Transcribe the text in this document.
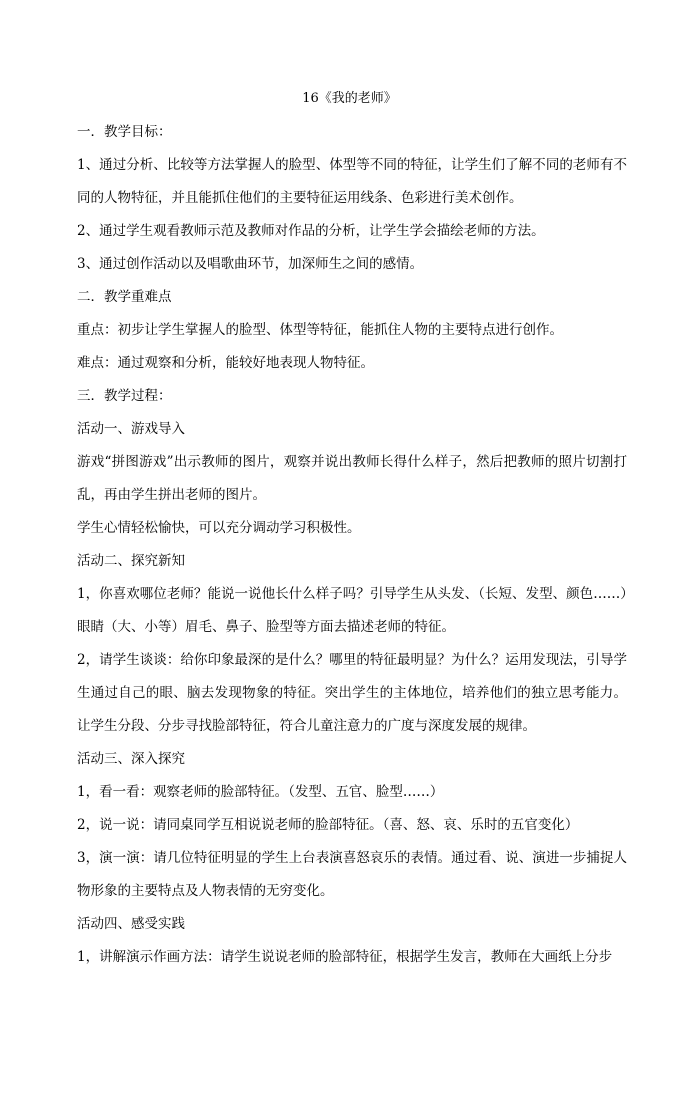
16《我的老师》
一．教学目标：
1、通过分析、比较等方法掌握人的脸型、体型等不同的特征，让学生们了解不同的老师有不同的人物特征，并且能抓住他们的主要特征运用线条、色彩进行美术创作。
2、通过学生观看教师示范及教师对作品的分析，让学生学会描绘老师的方法。
3、通过创作活动以及唱歌曲环节，加深师生之间的感情。
二．教学重难点
重点：初步让学生掌握人的脸型、体型等特征，能抓住人物的主要特点进行创作。
难点：通过观察和分析，能较好地表现人物特征。
三．教学过程：
活动一、游戏导入
游戏“拼图游戏”出示教师的图片，观察并说出教师长得什么样子，然后把教师的照片切割打乱，再由学生拼出老师的图片。
学生心情轻松愉快，可以充分调动学习积极性。
活动二、探究新知
1，你喜欢哪位老师？能说一说他长什么样子吗？引导学生从头发、（长短、发型、颜色……）眼睛（大、小等）眉毛、鼻子、脸型等方面去描述老师的特征。
2，请学生谈谈：给你印象最深的是什么？哪里的特征最明显？为什么？运用发现法，引导学生通过自己的眼、脑去发现物象的特征。突出学生的主体地位，培养他们的独立思考能力。让学生分段、分步寻找脸部特征，符合儿童注意力的广度与深度发展的规律。
活动三、深入探究
1，看一看：观察老师的脸部特征。（发型、五官、脸型……）
2，说一说：请同桌同学互相说说老师的脸部特征。（喜、怒、哀、乐时的五官变化）
3，演一演：请几位特征明显的学生上台表演喜怒哀乐的表情。通过看、说、演进一步捕捉人物形象的主要特点及人物表情的无穷变化。
活动四、感受实践
1，讲解演示作画方法：请学生说说老师的脸部特征，根据学生发言，教师在大画纸上分步
